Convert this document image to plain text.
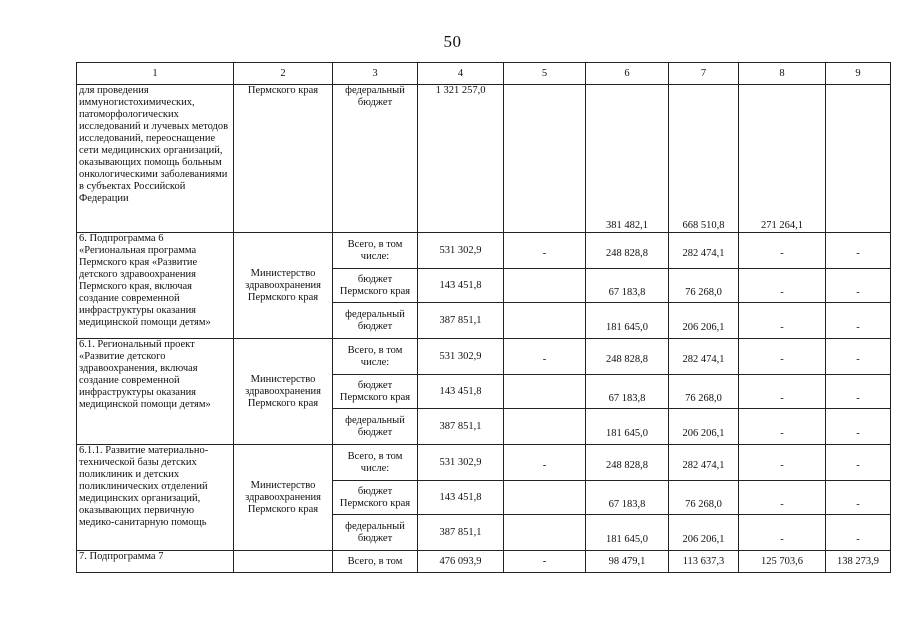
50
1	2	3	4	5	6	7	8	9
для проведения иммуногистохимических, патоморфологических исследований и лучевых методов исследований, переоснащение сети медицинских организаций, оказывающих помощь больным онкологическими заболеваниями в субъектах Российской Федерации	Пермского края	федеральный бюджет	1 321 257,0		381 482,1	668 510,8	271 264,1	
6. Подпрограмма 6 «Региональная программа Пермского края «Развитие детского здравоохранения Пермского края, включая создание современной инфраструктуры оказания медицинской помощи детям»	Министерство здравоохранения Пермского края	Всего, в том числе:	531 302,9	-	248 828,8	282 474,1	-	-
		бюджет Пермского края	143 451,8		67 183,8	76 268,0	-	-
		федеральный бюджет	387 851,1		181 645,0	206 206,1	-	-
6.1. Региональный проект «Развитие детского здравоохранения, включая создание современной инфраструктуры оказания медицинской помощи детям»	Министерство здравоохранения Пермского края	Всего, в том числе:	531 302,9	-	248 828,8	282 474,1	-	-
		бюджет Пермского края	143 451,8		67 183,8	76 268,0	-	-
		федеральный бюджет	387 851,1		181 645,0	206 206,1	-	-
6.1.1. Развитие материально-технической базы детских поликлиник и детских поликлинических отделений медицинских организаций, оказывающих первичную медико-санитарную помощь	Министерство здравоохранения Пермского края	Всего, в том числе:	531 302,9	-	248 828,8	282 474,1	-	-
		бюджет Пермского края	143 451,8		67 183,8	76 268,0	-	-
		федеральный бюджет	387 851,1		181 645,0	206 206,1	-	-
7. Подпрограмма 7		Всего, в том	476 093,9	-	98 479,1	113 637,3	125 703,6	138 273,9
